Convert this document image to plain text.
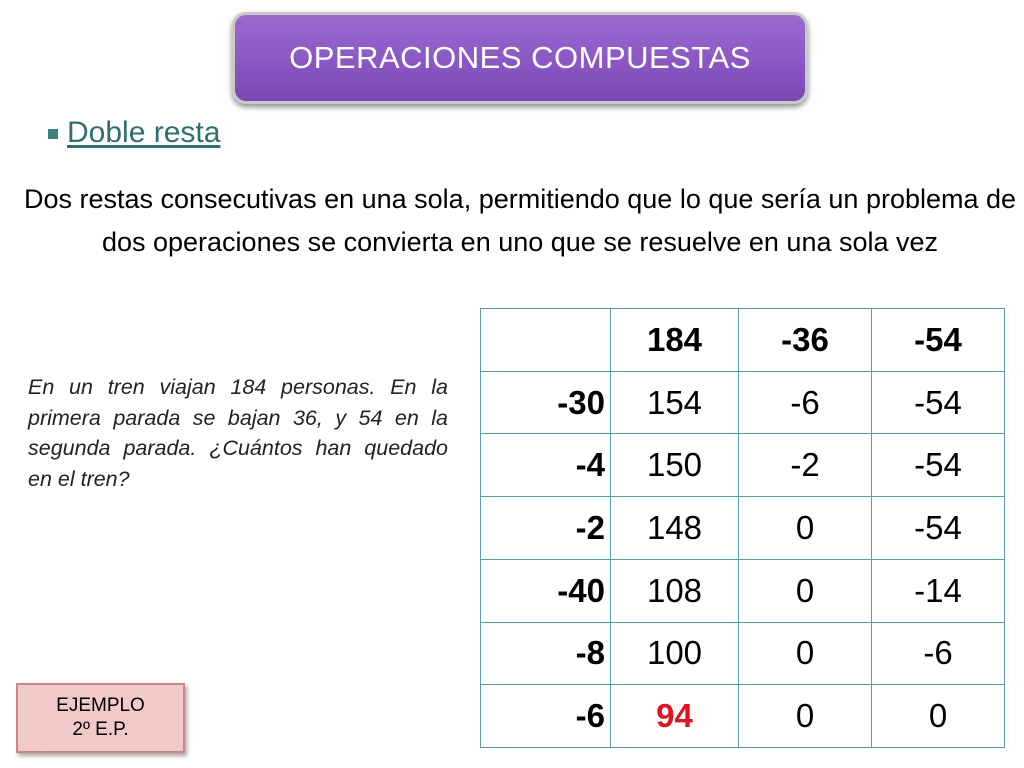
OPERACIONES COMPUESTAS
Doble resta
Dos restas consecutivas en una sola, permitiendo que lo que sería un problema de dos operaciones se convierta en uno que se resuelve en una sola vez
En un tren viajan 184 personas. En la primera parada se bajan 36, y 54 en la segunda parada. ¿Cuántos han quedado en el tren?
	184	-36	-54
-30	154	-6	-54
-4	150	-2	-54
-2	148	0	-54
-40	108	0	-14
-8	100	0	-6
-6	94	0	0
EJEMPLO
2º E.P.
